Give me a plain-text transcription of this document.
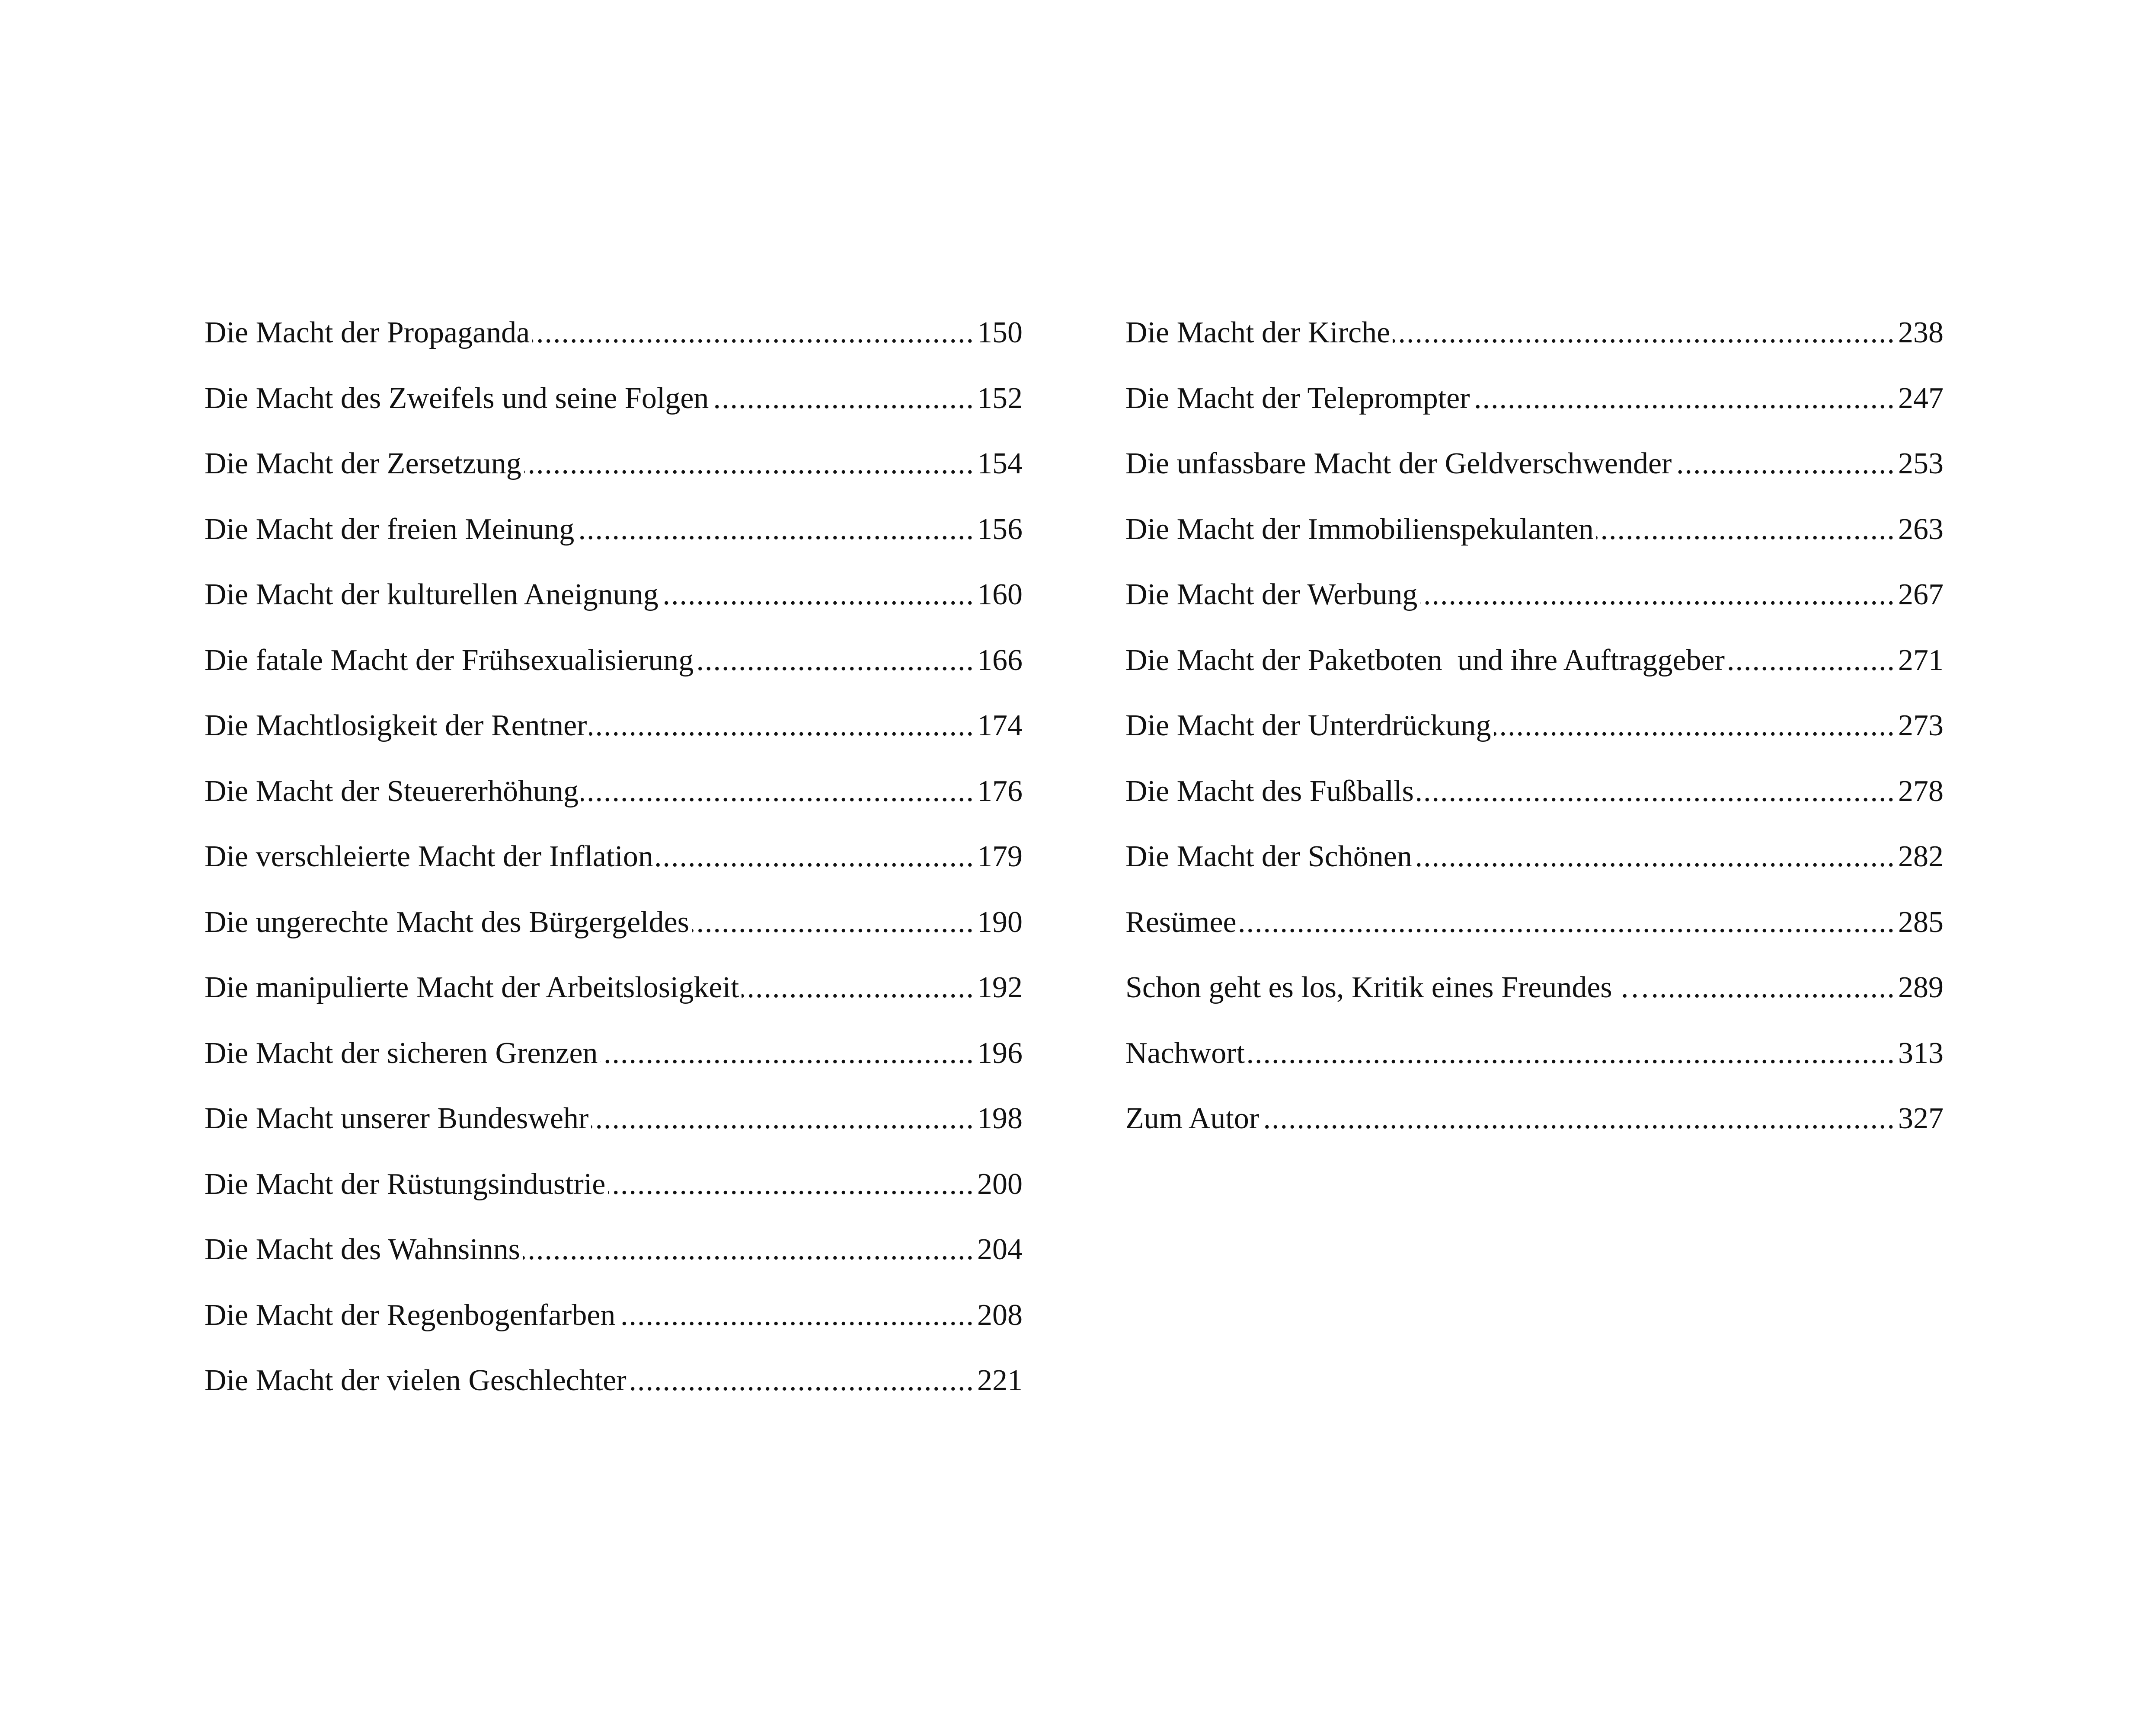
Die Macht der Propaganda .....	150
Die Macht des Zweifels und seine Folgen .....	152
Die Macht der Zersetzung .....	154
Die Macht der freien Meinung .....	156
Die Macht der kulturellen Aneignung .....	160
Die fatale Macht der Frühsexualisierung .....	166
Die Machtlosigkeit der Rentner .....	174
Die Macht der Steuererhöhung .....	176
Die verschleierte Macht der Inflation .....	179
Die ungerechte Macht des Bürgergeldes .....	190
Die manipulierte Macht der Arbeitslosigkeit .....	192
Die Macht der sicheren Grenzen .....	196
Die Macht unserer Bundeswehr .....	198
Die Macht der Rüstungsindustrie .....	200
Die Macht des Wahnsinns .....	204
Die Macht der Regenbogenfarben .....	208
Die Macht der vielen Geschlechter .....	221
Die Macht der Kirche .....	238
Die Macht der Teleprompter .....	247
Die unfassbare Macht der Geldverschwender .....	253
Die Macht der Immobilienspekulanten .....	263
Die Macht der Werbung .....	267
Die Macht der Paketboten  und ihre Auftraggeber .....	271
Die Macht der Unterdrückung .....	273
Die Macht des Fußballs .....	278
Die Macht der Schönen .....	282
Resümee .....	285
Schon geht es los, Kritik eines Freundes … .....	289
Nachwort .....	313
Zum Autor .....	327
